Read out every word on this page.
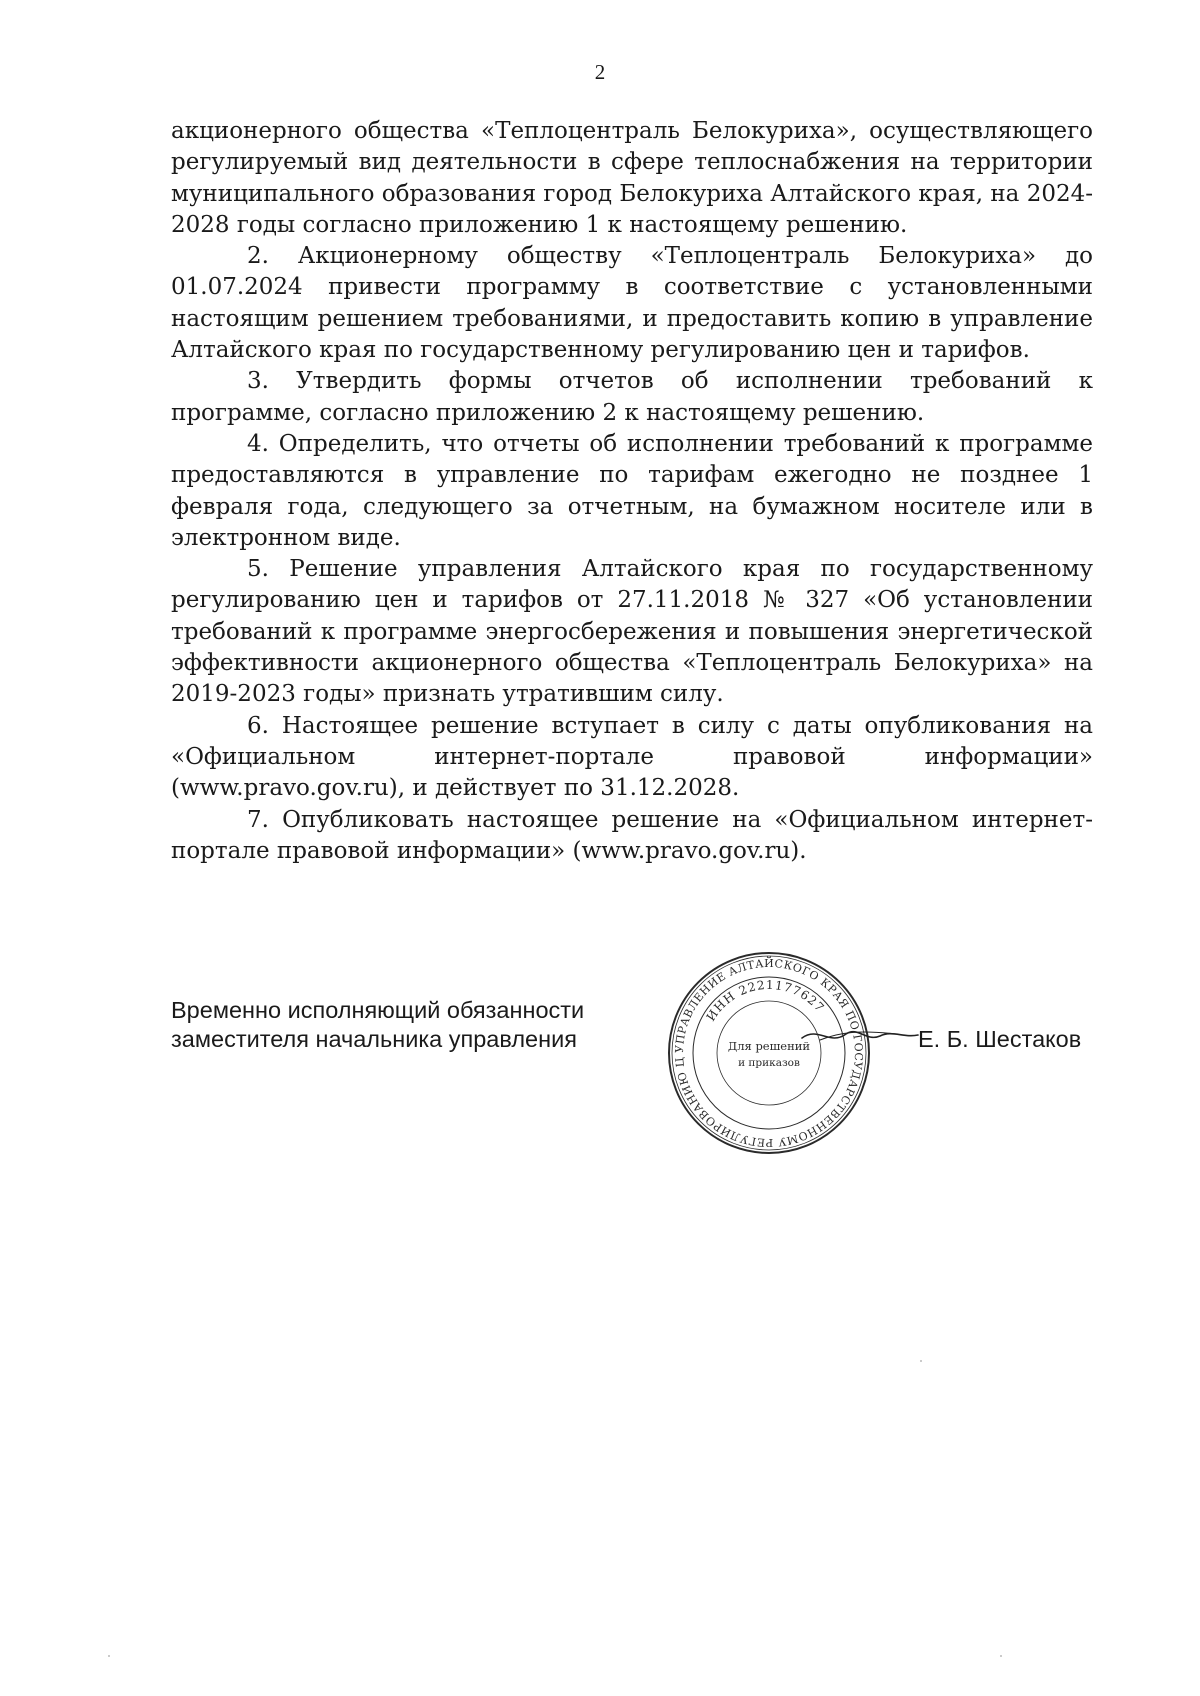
2

акционерного общества «Теплоцентраль Белокуриха», осуществляющего регулируемый вид деятельности в сфере теплоснабжения на территории муниципального образования город Белокуриха Алтайского края, на 2024-2028 годы согласно приложению 1 к настоящему решению.

2. Акционерному обществу «Теплоцентраль Белокуриха» до 01.07.2024 привести программу в соответствие с установленными настоящим решением требованиями, и предоставить копию в управление Алтайского края по государственному регулированию цен и тарифов.

3. Утвердить формы отчетов об исполнении требований к программе, согласно приложению 2 к настоящему решению.

4. Определить, что отчеты об исполнении требований к программе предоставляются в управление по тарифам ежегодно не позднее 1 февраля года, следующего за отчетным, на бумажном носителе или в электронном виде.

5. Решение управления Алтайского края по государственному регулированию цен и тарифов от 27.11.2018 № 327 «Об установлении требований к программе энергосбережения и повышения энергетической эффективности акционерного общества «Теплоцентраль Белокуриха» на 2019-2023 годы» признать утратившим силу.

6. Настоящее решение вступает в силу с даты опубликования на «Официальном интернет-портале правовой информации» (www.pravo.gov.ru), и действует по 31.12.2028.

7. Опубликовать настоящее решение на «Официальном интернет-портале правовой информации» (www.pravo.gov.ru).

Временно исполняющий обязанности
заместителя начальника управления	УПРАВЛЕНИЕ АЛТАЙСКОГО КРАЯ ПО ГОСУДАРСТВЕННОМУ РЕГУЛИРОВАНИЮ Ц
ИНН 2221177627
Для решений
и приказов
Е. Б. Шестаков
